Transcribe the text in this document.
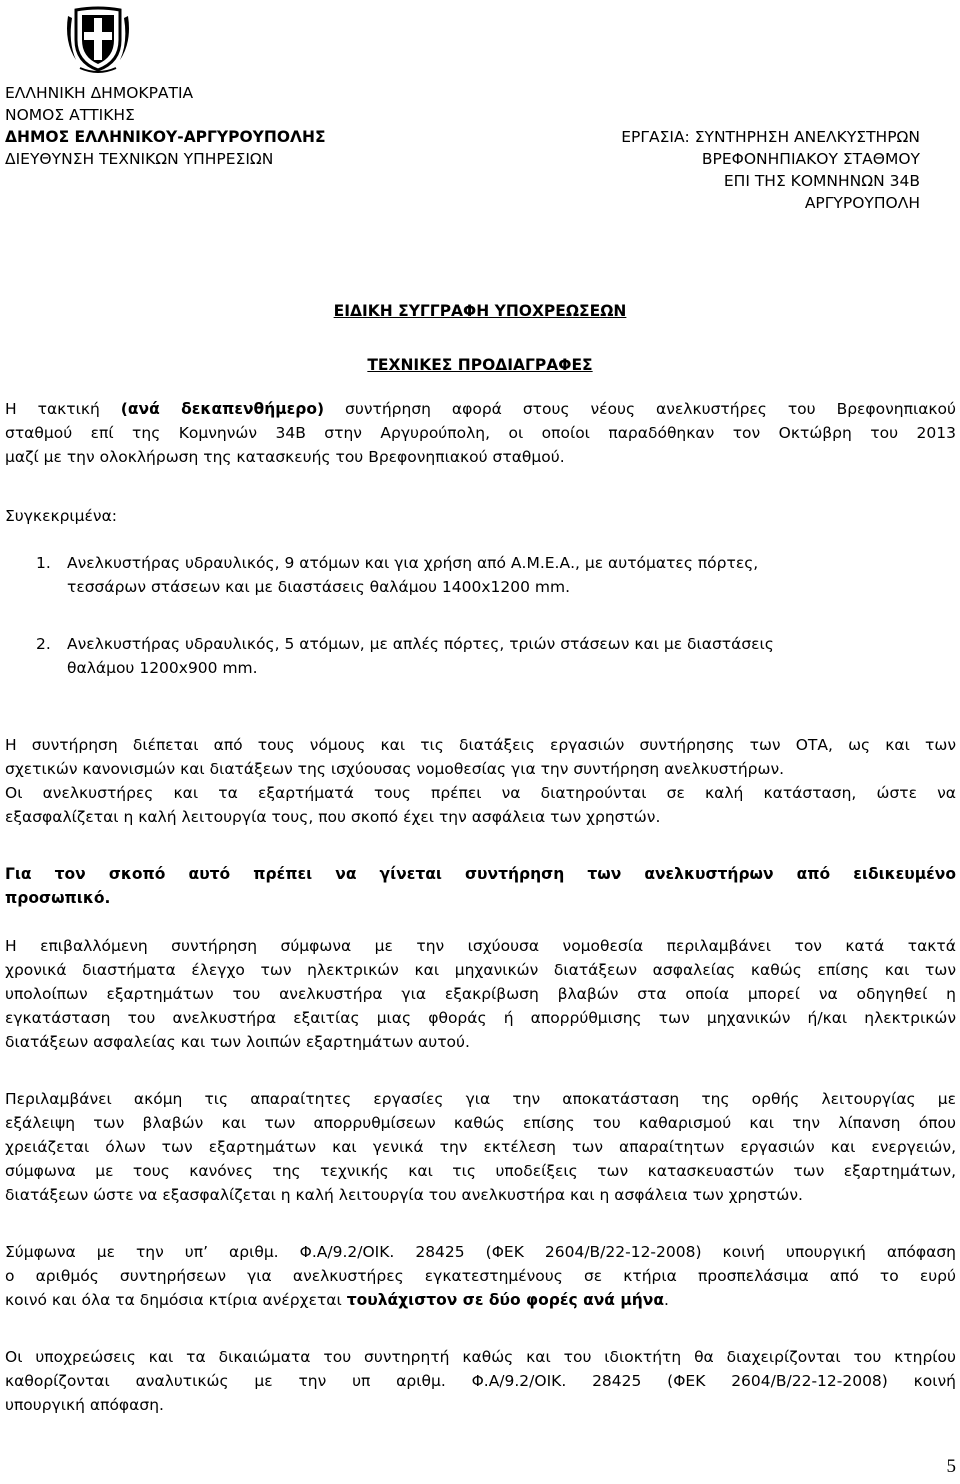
ΕΛΛΗΝΙΚΗ ΔΗΜΟΚΡΑΤΙΑ
ΝΟΜΟΣ ΑΤΤΙΚΗΣ
ΔΗΜΟΣ ΕΛΛΗΝΙΚΟΥ-ΑΡΓΥΡΟΥΠΟΛΗΣ
ΔΙΕΥΘΥΝΣΗ ΤΕΧΝΙΚΩΝ ΥΠΗΡΕΣΙΩΝ
ΕΡΓΑΣΙΑ: ΣΥΝΤΗΡΗΣΗ ΑΝΕΛΚΥΣΤΗΡΩΝ
ΒΡΕΦΟΝΗΠΙΑΚΟΥ ΣΤΑΘΜΟΥ
ΕΠΙ ΤΗΣ ΚΟΜΝΗΝΩΝ 34Β
ΑΡΓΥΡΟΥΠΟΛΗ
ΕΙΔΙΚΗ ΣΥΓΓΡΑΦΗ ΥΠΟΧΡΕΩΣΕΩΝ
ΤΕΧΝΙΚΕΣ ΠΡΟΔΙΑΓΡΑΦΕΣ
Η τακτική (ανά δεκαπενθήμερο) συντήρηση αφορά στους νέους ανελκυστήρες του Βρεφονηπιακού
σταθμού επί της Κομνηνών 34Β στην Αργυρούπολη, οι οποίοι παραδόθηκαν τον Οκτώβρη του 2013
μαζί με την ολοκλήρωση της κατασκευής του Βρεφονηπιακού σταθμού.
Συγκεκριμένα:
1. Ανελκυστήρας υδραυλικός, 9 ατόμων και για χρήση από Α.Μ.Ε.Α., με αυτόματες πόρτες,
τεσσάρων στάσεων και με διαστάσεις θαλάμου 1400x1200 mm.
2. Ανελκυστήρας υδραυλικός, 5 ατόμων, με απλές πόρτες, τριών στάσεων και με διαστάσεις
θαλάμου 1200x900 mm.
Η συντήρηση διέπεται από τους νόμους και τις διατάξεις εργασιών συντήρησης των ΟΤΑ, ως και των
σχετικών κανονισμών και διατάξεων της ισχύουσας νομοθεσίας για την συντήρηση ανελκυστήρων.
Οι ανελκυστήρες και τα εξαρτήματά τους πρέπει να διατηρούνται σε καλή κατάσταση, ώστε να
εξασφαλίζεται η καλή λειτουργία τους, που σκοπό έχει την ασφάλεια των χρηστών.
Για τον σκοπό αυτό πρέπει να γίνεται συντήρηση των ανελκυστήρων από ειδικευμένο
προσωπικό.
Η επιβαλλόμενη συντήρηση σύμφωνα με την ισχύουσα νομοθεσία περιλαμβάνει τον κατά τακτά
χρονικά διαστήματα έλεγχο των ηλεκτρικών και μηχανικών διατάξεων ασφαλείας καθώς επίσης και των
υπολοίπων εξαρτημάτων του ανελκυστήρα για εξακρίβωση βλαβών στα οποία μπορεί να οδηγηθεί η
εγκατάσταση του ανελκυστήρα εξαιτίας μιας φθοράς ή απορρύθμισης των μηχανικών ή/και ηλεκτρικών
διατάξεων ασφαλείας και των λοιπών εξαρτημάτων αυτού.
Περιλαμβάνει ακόμη τις απαραίτητες εργασίες για την αποκατάσταση της ορθής λειτουργίας με
εξάλειψη των βλαβών και των απορρυθμίσεων καθώς επίσης του καθαρισμού και την λίπανση όπου
χρειάζεται όλων των εξαρτημάτων και γενικά την εκτέλεση των απαραίτητων εργασιών και ενεργειών,
σύμφωνα με τους κανόνες της τεχνικής και τις υποδείξεις των κατασκευαστών των εξαρτημάτων,
διατάξεων ώστε να εξασφαλίζεται η καλή λειτουργία του ανελκυστήρα και η ασφάλεια των χρηστών.
Σύμφωνα με την υπ’ αριθμ. Φ.Α/9.2/ΟΙΚ. 28425 (ΦΕΚ 2604/Β/22-12-2008) κοινή υπουργική απόφαση
ο αριθμός συντηρήσεων για ανελκυστήρες εγκατεστημένους σε κτήρια προσπελάσιμα από το ευρύ
κοινό και όλα τα δημόσια κτίρια ανέρχεται τουλάχιστον σε δύο φορές ανά μήνα.
Οι υποχρεώσεις και τα δικαιώματα του συντηρητή καθώς και του ιδιοκτήτη θα διαχειρίζονται του κτηρίου
καθορίζονται αναλυτικώς με την υπ αριθμ. Φ.Α/9.2/ΟΙΚ. 28425 (ΦΕΚ 2604/Β/22-12-2008) κοινή
υπουργική απόφαση.
5
